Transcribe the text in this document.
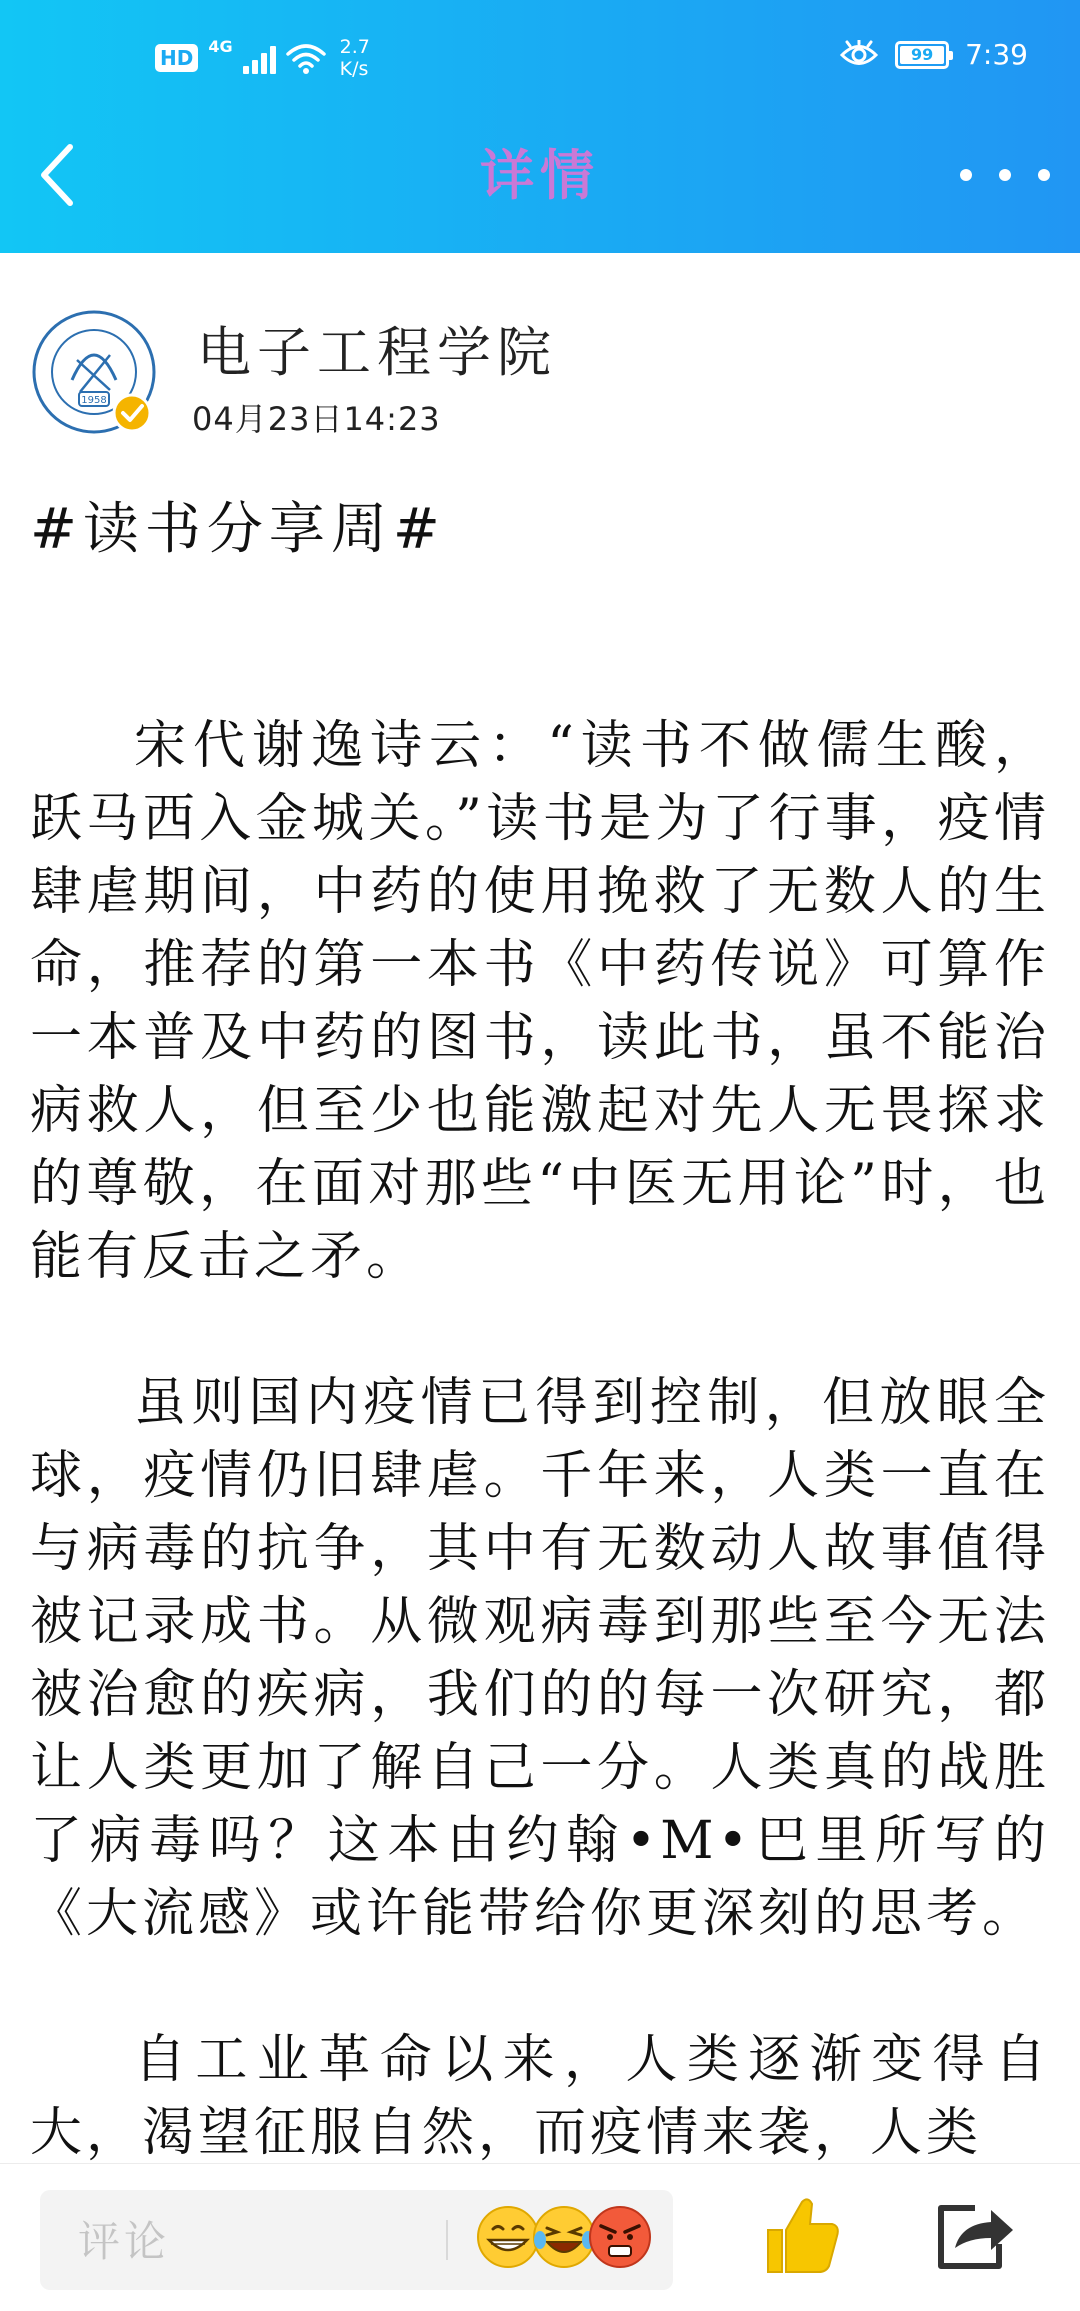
HD 4G	2.7
K/s
99 7:39
详情
1958
电子工程学院
04月23日14:23

#读书分享周#

宋代谢逸诗云：“读书不做儒生酸，跃马西入金城关。”读书是为了行事，疫情肆虐期间，中药的使用挽救了无数人的生命，推荐的第一本书《中药传说》可算作一本普及中药的图书，读此书，虽不能治病救人，但至少也能激起对先人无畏探求的尊敬，在面对那些“中医无用论”时，也能有反击之矛。

虽则国内疫情已得到控制，但放眼全球，疫情仍旧肆虐。千年来，人类一直在与病毒的抗争，其中有无数动人故事值得被记录成书。从微观病毒到那些至今无法被治愈的疾病，我们的的每一次研究，都让人类更加了解自己一分。人类真的战胜了病毒吗？这本由约翰•M•巴里所写的《大流感》或许能带给你更深刻的思考。

自工业革命以来，人类逐渐变得自大，渴望征服自然，而疫情来袭，人类

评论
